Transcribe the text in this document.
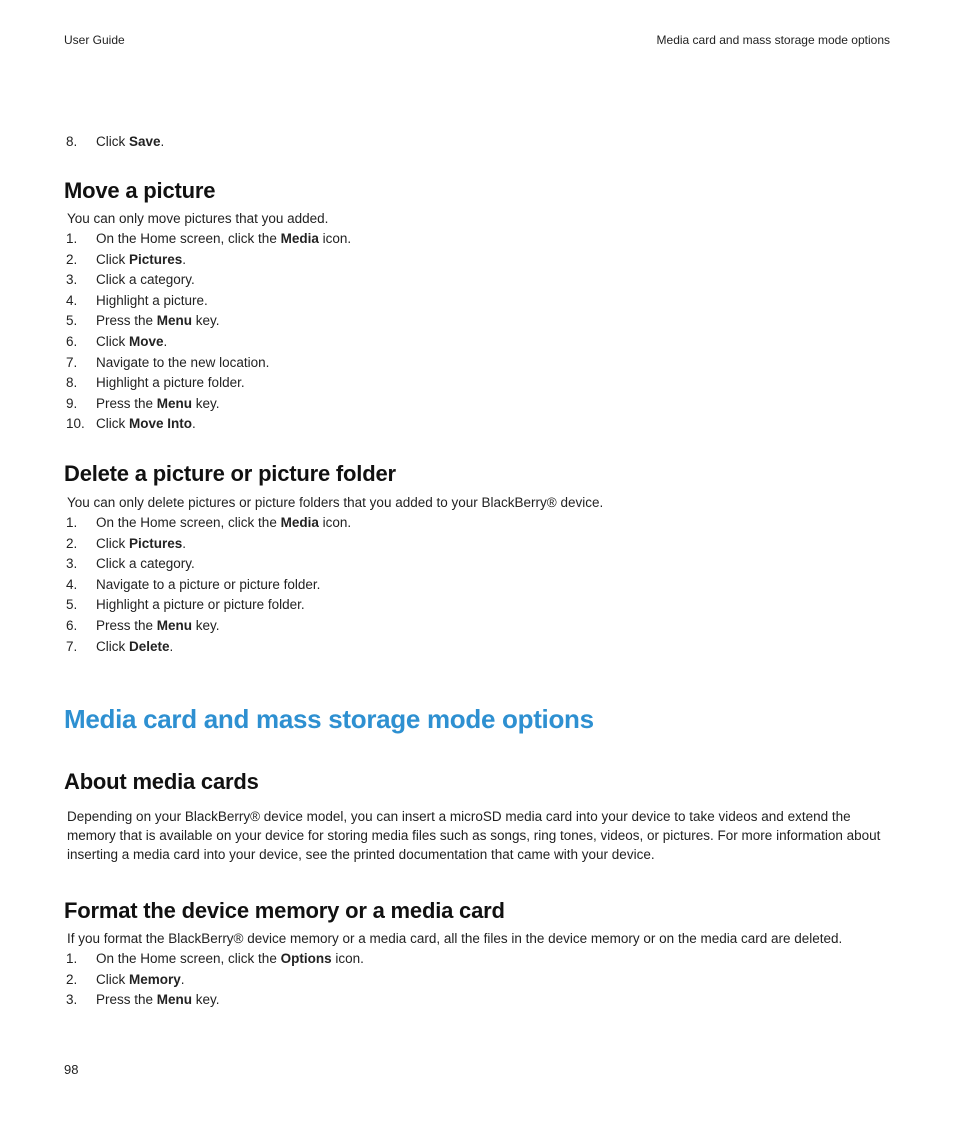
User Guide	Media card and mass storage mode options
8. Click Save.
Move a picture
You can only move pictures that you added.
1. On the Home screen, click the Media icon.
2. Click Pictures.
3. Click a category.
4. Highlight a picture.
5. Press the Menu key.
6. Click Move.
7. Navigate to the new location.
8. Highlight a picture folder.
9. Press the Menu key.
10. Click Move Into.
Delete a picture or picture folder
You can only delete pictures or picture folders that you added to your BlackBerry® device.
1. On the Home screen, click the Media icon.
2. Click Pictures.
3. Click a category.
4. Navigate to a picture or picture folder.
5. Highlight a picture or picture folder.
6. Press the Menu key.
7. Click Delete.
Media card and mass storage mode options
About media cards
Depending on your BlackBerry® device model, you can insert a microSD media card into your device to take videos and extend the memory that is available on your device for storing media files such as songs, ring tones, videos, or pictures. For more information about inserting a media card into your device, see the printed documentation that came with your device.
Format the device memory or a media card
If you format the BlackBerry® device memory or a media card, all the files in the device memory or on the media card are deleted.
1. On the Home screen, click the Options icon.
2. Click Memory.
3. Press the Menu key.
98
